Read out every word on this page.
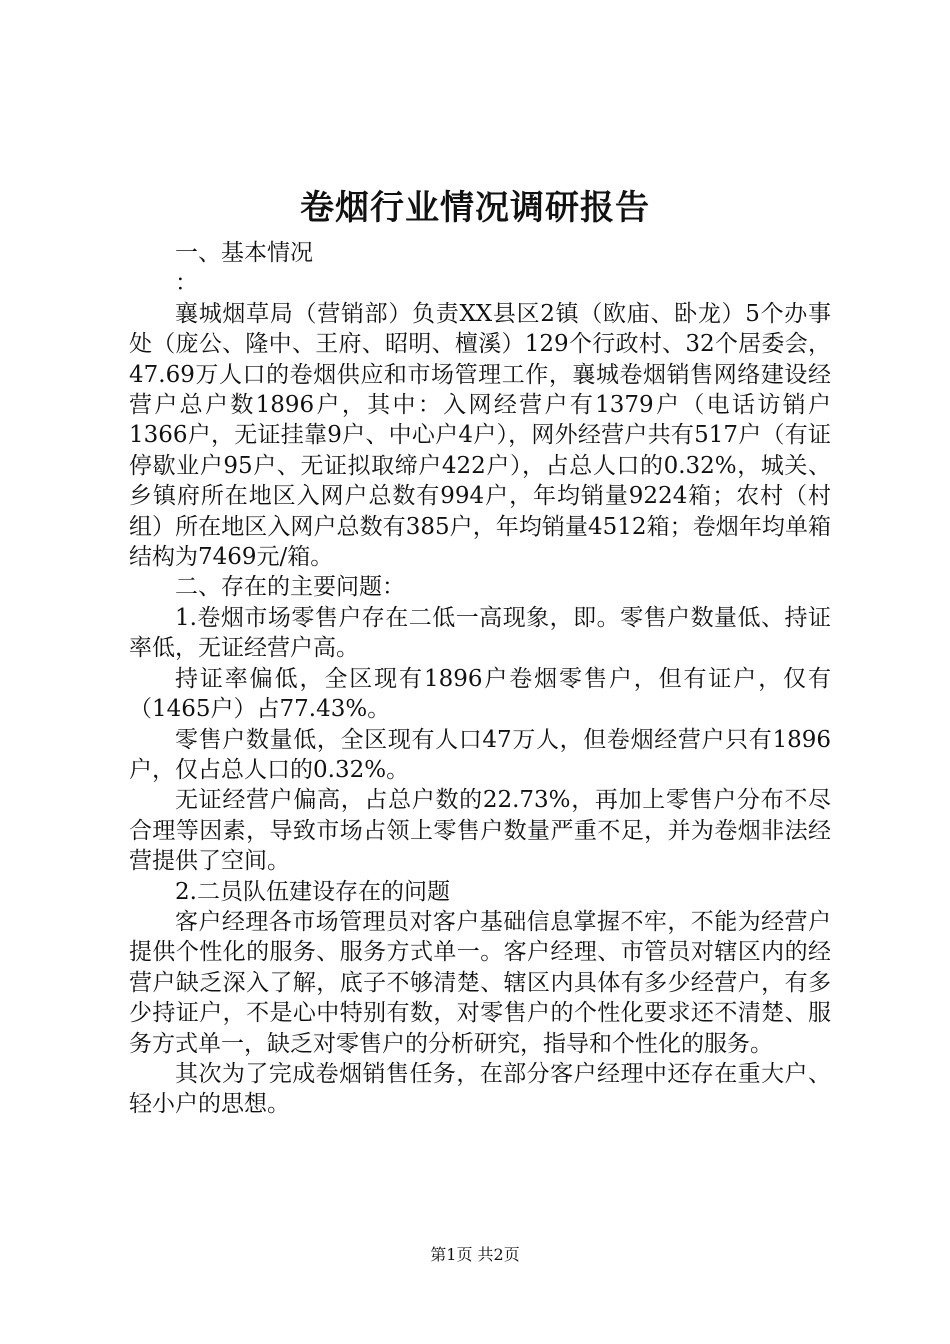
卷烟行业情况调研报告

一、基本情况

：

襄城烟草局（营销部）负责XX县区2镇（欧庙、卧龙）5个办事处（庞公、隆中、王府、昭明、檀溪）129个行政村、32个居委会，47.69万人口的卷烟供应和市场管理工作，襄城卷烟销售网络建设经营户总户数1896户，其中：入网经营户有1379户（电话访销户1366户，无证挂靠9户、中心户4户），网外经营户共有517户（有证停歇业户95户、无证拟取缔户422户），占总人口的0.32%，城关、乡镇府所在地区入网户总数有994户，年均销量9224箱；农村（村组）所在地区入网户总数有385户，年均销量4512箱；卷烟年均单箱结构为7469元/箱。

二、存在的主要问题：

1.卷烟市场零售户存在二低一高现象，即。零售户数量低、持证率低，无证经营户高。

持证率偏低，全区现有1896户卷烟零售户，但有证户，仅有（1465户）占77.43%。

零售户数量低，全区现有人口47万人，但卷烟经营户只有1896户，仅占总人口的0.32%。

无证经营户偏高，占总户数的22.73%，再加上零售户分布不尽合理等因素，导致市场占领上零售户数量严重不足，并为卷烟非法经营提供了空间。

2.二员队伍建设存在的问题

客户经理各市场管理员对客户基础信息掌握不牢，不能为经营户提供个性化的服务、服务方式单一。客户经理、市管员对辖区内的经营户缺乏深入了解，底子不够清楚、辖区内具体有多少经营户，有多少持证户，不是心中特别有数，对零售户的个性化要求还不清楚、服务方式单一，缺乏对零售户的分析研究，指导和个性化的服务。

其次为了完成卷烟销售任务，在部分客户经理中还存在重大户、轻小户的思想。

第1页 共2页
